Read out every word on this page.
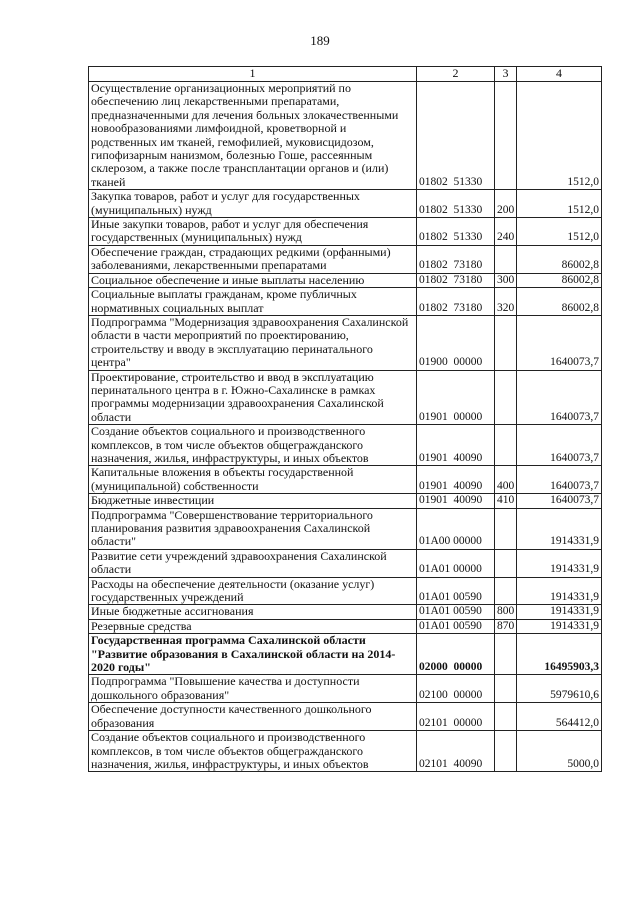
189
1	2	3	4
Осуществление организационных мероприятий по обеспечению лиц лекарственными препаратами, предназначенными для лечения больных злокачественными новообразованиями лимфоидной, кроветворной и родственных им тканей, гемофилией, муковисцидозом, гипофизарным нанизмом, болезнью Гоше, рассеянным склерозом, а также после трансплантации органов и (или) тканей	01802  51330		1512,0
Закупка товаров, работ и услуг для государственных (муниципальных) нужд	01802  51330	200	1512,0
Иные закупки товаров, работ и услуг для обеспечения государственных (муниципальных) нужд	01802  51330	240	1512,0
Обеспечение граждан, страдающих редкими (орфанными) заболеваниями, лекарственными препаратами	01802  73180		86002,8
Социальное обеспечение и иные выплаты населению	01802  73180	300	86002,8
Социальные выплаты гражданам, кроме публичных нормативных социальных выплат	01802  73180	320	86002,8
Подпрограмма "Модернизация здравоохранения Сахалинской области в части мероприятий по проектированию, строительству и вводу в эксплуатацию перинатального центра"	01900  00000		1640073,7
Проектирование, строительство и ввод в эксплуатацию перинатального центра в г. Южно-Сахалинске в рамках программы модернизации здравоохранения Сахалинской области	01901  00000		1640073,7
Создание объектов социального и производственного комплексов, в том числе объектов общегражданского назначения, жилья, инфраструктуры, и иных объектов	01901  40090		1640073,7
Капитальные вложения в объекты государственной (муниципальной) собственности	01901  40090	400	1640073,7
Бюджетные инвестиции	01901  40090	410	1640073,7
Подпрограмма "Совершенствование территориального планирования развития здравоохранения Сахалинской области"	01А00 00000		1914331,9
Развитие сети учреждений здравоохранения Сахалинской области	01А01 00000		1914331,9
Расходы на обеспечение деятельности (оказание услуг) государственных учреждений	01А01 00590		1914331,9
Иные бюджетные ассигнования	01А01 00590	800	1914331,9
Резервные средства	01А01 00590	870	1914331,9
Государственная программа Сахалинской области "Развитие образования в Сахалинской области на 2014-2020 годы"	02000  00000		16495903,3
Подпрограмма "Повышение качества и доступности дошкольного образования"	02100  00000		5979610,6
Обеспечение доступности качественного дошкольного образования	02101  00000		564412,0
Создание объектов социального и производственного комплексов, в том числе объектов общегражданского назначения, жилья, инфраструктуры, и иных объектов	02101  40090		5000,0
